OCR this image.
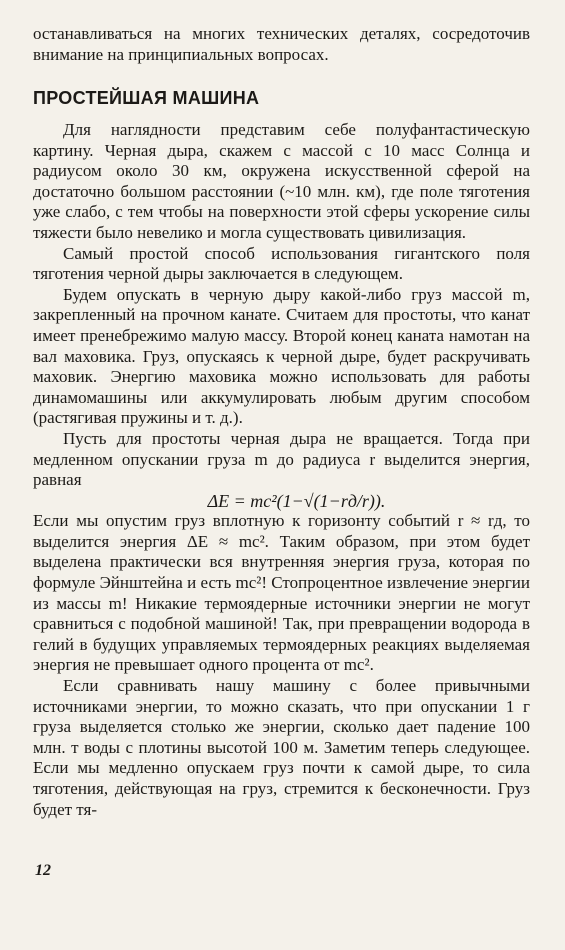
останавливаться на многих технических деталях, сосредоточив внимание на принципиальных вопросах.

ПРОСТЕЙШАЯ МАШИНА

Для наглядности представим себе полуфантастическую картину. Черная дыра, скажем с массой с 10 масс Солнца и радиусом около 30 км, окружена искусственной сферой на достаточно большом расстоянии (~10 млн. км), где поле тяготения уже слабо, с тем чтобы на поверхности этой сферы ускорение силы тяжести было невелико и могла существовать цивилизация.

Самый простой способ использования гигантского поля тяготения черной дыры заключается в следующем.

Будем опускать в черную дыру какой-либо груз массой m, закрепленный на прочном канате. Считаем для простоты, что канат имеет пренебрежимо малую массу. Второй конец каната намотан на вал маховика. Груз, опускаясь к черной дыре, будет раскручивать маховик. Энергию маховика можно использовать для работы динамомашины или аккумулировать любым другим способом (растягивая пружины и т. д.).

Пусть для простоты черная дыра не вращается. Тогда при медленном опускании груза m до радиуса r выделится энергия, равная

ΔE = mc²(1−√(1−rд/r)).

Если мы опустим груз вплотную к горизонту событий r ≈ rд, то выделится энергия ΔE ≈ mc². Таким образом, при этом будет выделена практически вся внутренняя энергия груза, которая по формуле Эйнштейна и есть mc²! Стопроцентное извлечение энергии из массы m! Никакие термоядерные источники энергии не могут сравниться с подобной машиной! Так, при превращении водорода в гелий в будущих управляемых термоядерных реакциях выделяемая энергия не превышает одного процента от mc².

Если сравнивать нашу машину с более привычными источниками энергии, то можно сказать, что при опускании 1 г груза выделяется столько же энергии, сколько дает падение 100 млн. т воды с плотины высотой 100 м. Заметим теперь следующее. Если мы медленно опускаем груз почти к самой дыре, то сила тяготения, действующая на груз, стремится к бесконечности. Груз будет тя-

12
